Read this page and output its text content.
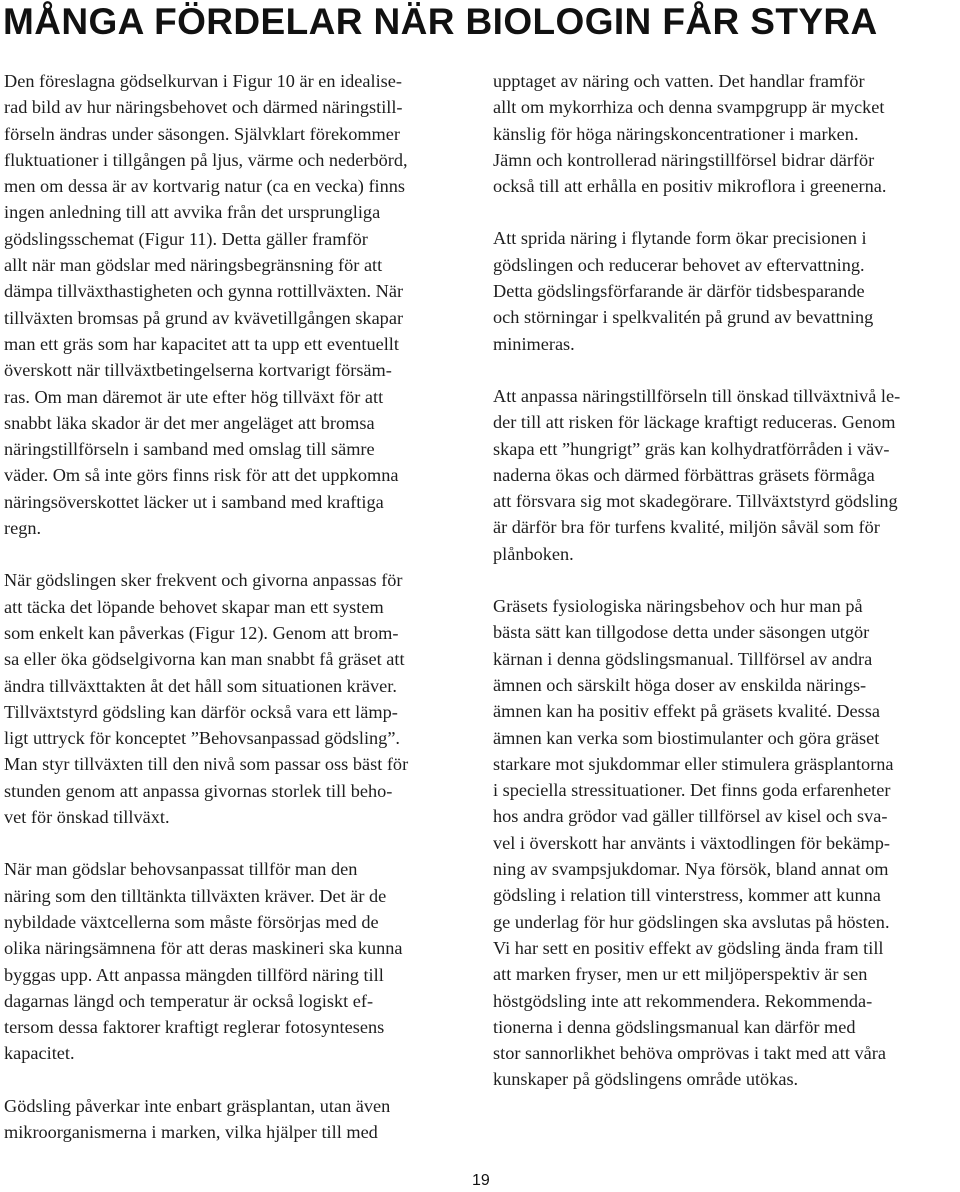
MÅNGA FÖRDELAR NÄR BIOLOGIN FÅR STYRA

Den föreslagna gödselkurvan i Figur 10 är en idealise-
rad bild av hur näringsbehovet och därmed näringstill-
förseln ändras under säsongen. Självklart förekommer
fluktuationer i tillgången på ljus, värme och nederbörd,
men om dessa är av kortvarig natur (ca en vecka) finns
ingen anledning till att avvika från det ursprungliga
gödslingsschemat (Figur 11). Detta gäller framför
allt när man gödslar med näringsbegränsning för att
dämpa tillväxthastigheten och gynna rottillväxten. När
tillväxten bromsas på grund av kvävetillgången skapar
man ett gräs som har kapacitet att ta upp ett eventuellt
överskott när tillväxtbetingelserna kortvarigt försäm-
ras. Om man däremot är ute efter hög tillväxt för att
snabbt läka skador är det mer angeläget att bromsa
näringstillförseln i samband med omslag till sämre
väder. Om så inte görs finns risk för att det uppkomna
näringsöverskottet läcker ut i samband med kraftiga
regn.

När gödslingen sker frekvent och givorna anpassas för
att täcka det löpande behovet skapar man ett system
som enkelt kan påverkas (Figur 12). Genom att brom-
sa eller öka gödselgivorna kan man snabbt få gräset att
ändra tillväxttakten åt det håll som situationen kräver.
Tillväxtstyrd gödsling kan därför också vara ett lämp-
ligt uttryck för konceptet ”Behovsanpassad gödsling”.
Man styr tillväxten till den nivå som passar oss bäst för
stunden genom att anpassa givornas storlek till beho-
vet för önskad tillväxt.

När man gödslar behovsanpassat tillför man den
näring som den tilltänkta tillväxten kräver. Det är de
nybildade växtcellerna som måste försörjas med de
olika näringsämnena för att deras maskineri ska kunna
byggas upp. Att anpassa mängden tillförd näring till
dagarnas längd och temperatur är också logiskt ef-
tersom dessa faktorer kraftigt reglerar fotosyntesens
kapacitet.

Gödsling påverkar inte enbart gräsplantan, utan även
mikroorganismerna i marken, vilka hjälper till med

upptaget av näring och vatten. Det handlar framför
allt om mykorrhiza och denna svampgrupp är mycket
känslig för höga näringskoncentrationer i marken.
Jämn och kontrollerad näringstillförsel bidrar därför
också till att erhålla en positiv mikroflora i greenerna.

Att sprida näring i flytande form ökar precisionen i
gödslingen och reducerar behovet av eftervattning.
Detta gödslingsförfarande är därför tidsbesparande
och störningar i spelkvalitén på grund av bevattning
minimeras.

Att anpassa näringstillförseln till önskad tillväxtnivå le-
der till att risken för läckage kraftigt reduceras. Genom
skapa ett ”hungrigt” gräs kan kolhydratförråden i väv-
naderna ökas och därmed förbättras gräsets förmåga
att försvara sig mot skadegörare. Tillväxtstyrd gödsling
är därför bra för turfens kvalité, miljön såväl som för
plånboken.

Gräsets fysiologiska näringsbehov och hur man på
bästa sätt kan tillgodose detta under säsongen utgör
kärnan i denna gödslingsmanual. Tillförsel av andra
ämnen och särskilt höga doser av enskilda närings-
ämnen kan ha positiv effekt på gräsets kvalité. Dessa
ämnen kan verka som biostimulanter och göra gräset
starkare mot sjukdommar eller stimulera gräsplantorna
i speciella stressituationer. Det finns goda erfarenheter
hos andra grödor vad gäller tillförsel av kisel och sva-
vel i överskott har använts i växtodlingen för bekämp-
ning av svampsjukdomar. Nya försök, bland annat om
gödsling i relation till vinterstress, kommer att kunna
ge underlag för hur gödslingen ska avslutas på hösten.
Vi har sett en positiv effekt av gödsling ända fram till
att marken fryser, men ur ett miljöperspektiv är sen
höstgödsling inte att rekommendera. Rekommenda-
tionerna i denna gödslingsmanual kan därför med
stor sannorlikhet behöva omprövas i takt med att våra
kunskaper på gödslingens område utökas.

19
